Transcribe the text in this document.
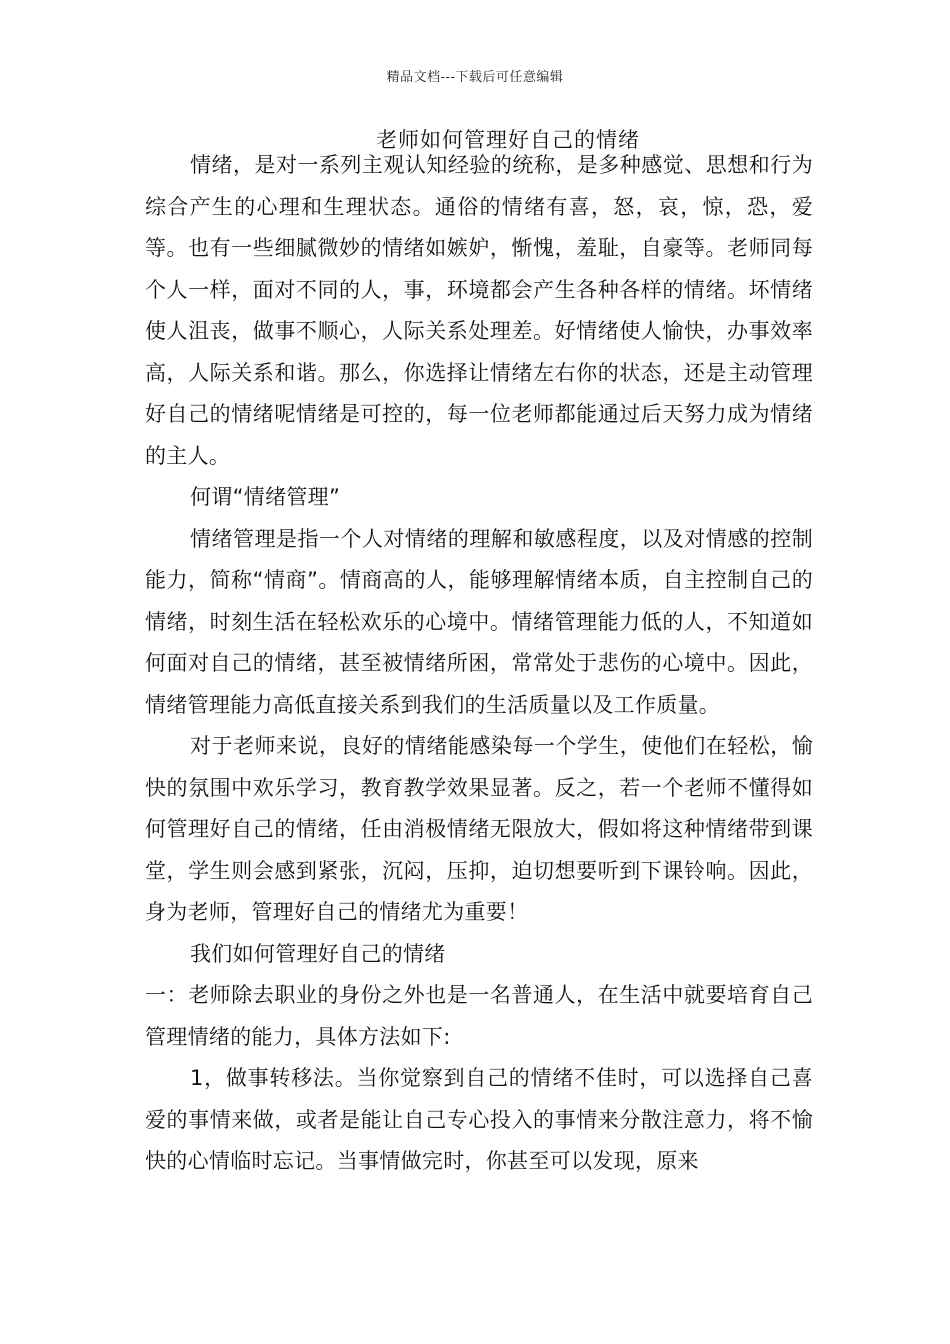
精品文档---下载后可任意编辑
老师如何管理好自己的情绪

情绪，是对一系列主观认知经验的统称，是多种感觉、思想和行为综合产生的心理和生理状态。通俗的情绪有喜，怒，哀，惊，恐，爱等。也有一些细腻微妙的情绪如嫉妒，惭愧，羞耻，自豪等。老师同每个人一样，面对不同的人，事，环境都会产生各种各样的情绪。坏情绪使人沮丧，做事不顺心，人际关系处理差。好情绪使人愉快，办事效率高，人际关系和谐。那么，你选择让情绪左右你的状态，还是主动管理好自己的情绪呢情绪是可控的，每一位老师都能通过后天努力成为情绪的主人。

何谓“情绪管理”

情绪管理是指一个人对情绪的理解和敏感程度，以及对情感的控制能力，简称“情商”。情商高的人，能够理解情绪本质，自主控制自己的情绪，时刻生活在轻松欢乐的心境中。情绪管理能力低的人，不知道如何面对自己的情绪，甚至被情绪所困，常常处于悲伤的心境中。因此，情绪管理能力高低直接关系到我们的生活质量以及工作质量。

对于老师来说，良好的情绪能感染每一个学生，使他们在轻松，愉快的氛围中欢乐学习，教育教学效果显著。反之，若一个老师不懂得如何管理好自己的情绪，任由消极情绪无限放大，假如将这种情绪带到课堂，学生则会感到紧张，沉闷，压抑，迫切想要听到下课铃响。因此，身为老师，管理好自己的情绪尤为重要！

我们如何管理好自己的情绪

一：老师除去职业的身份之外也是一名普通人，在生活中就要培育自己管理情绪的能力，具体方法如下:

1，做事转移法。当你觉察到自己的情绪不佳时，可以选择自己喜爱的事情来做，或者是能让自己专心投入的事情来分散注意力，将不愉快的心情临时忘记。当事情做完时，你甚至可以发现，原来
